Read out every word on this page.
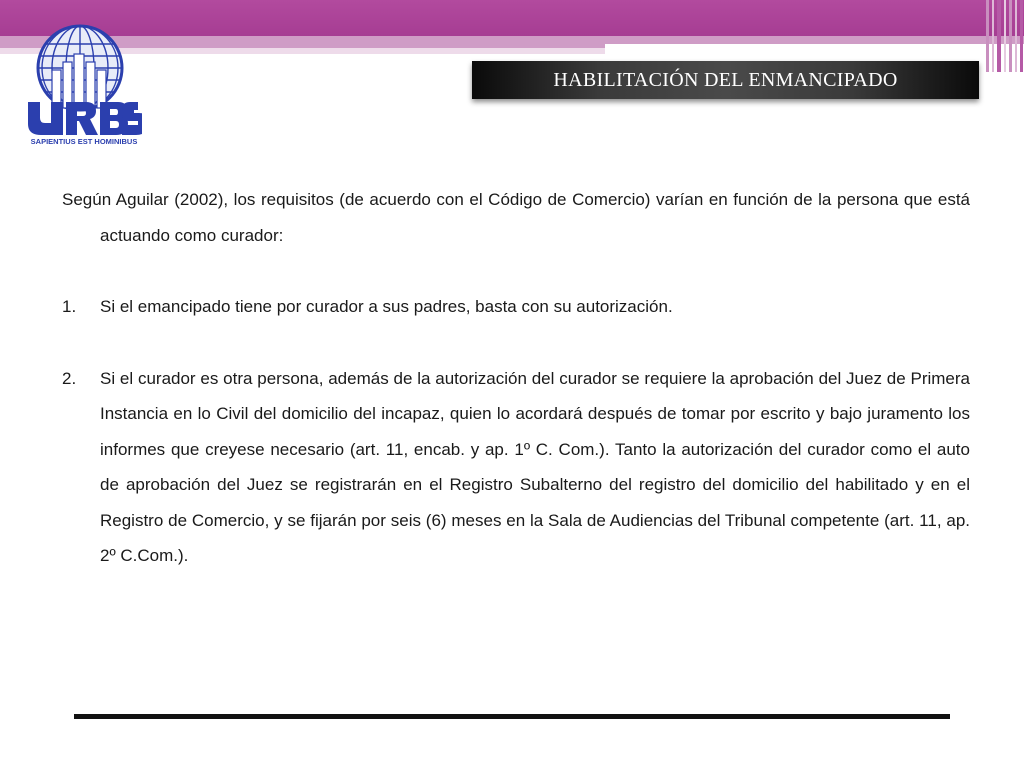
SAPIENTIUS EST HOMINIBUS
HABILITACIÓN DEL ENMANCIPADO

Según Aguilar (2002), los requisitos (de acuerdo con el Código de Comercio) varían en función de la persona que está actuando como curador:

1. Si el emancipado tiene por curador a sus padres, basta con su autorización.
2. Si el curador es otra persona, además de la autorización del curador se requiere la aprobación del Juez de Primera Instancia en lo Civil del domicilio del incapaz, quien lo acordará después de tomar por escrito y bajo juramento los informes que creyese necesario (art. 11, encab. y ap. 1º C. Com.). Tanto la autorización del curador como el auto de aprobación del Juez se registrarán en el Registro Subalterno del registro del domicilio del habilitado y en el Registro de Comercio, y se fijarán por seis (6) meses en la Sala de Audiencias del Tribunal competente (art. 11, ap. 2º C.Com.).
